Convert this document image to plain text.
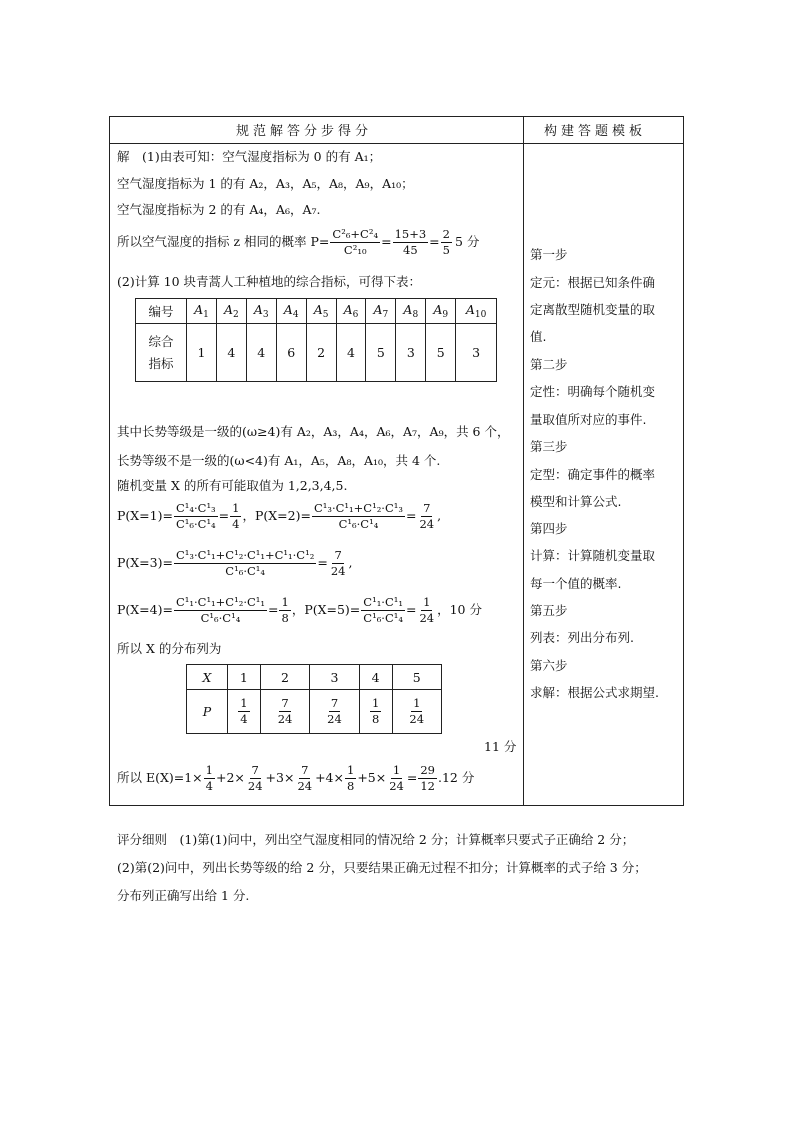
规范解答分步得分	构建答题模板
解　(1)由表可知：空气湿度指标为 0 的有 A₁；
空气湿度指标为 1 的有 A₂，A₃，A₅，A₈，A₉，A₁₀；
空气湿度指标为 2 的有 A₄，A₆，A₇.
所以空气湿度的指标 z 相同的概率 $P= \frac{\text{C²₆+C²₄}}{\text{C²₁₀}} = \frac{15+3}{45} = \frac{2}{5} 5$ 分
(2)计算 10 块青蒿人工种植地的综合指标，可得下表：
编号	$A_1$	$A_2$	$A_3$	$A_4$	$A_5$	$A_6$	$A_7$	$A_8$	$A_9$	$A_{10}$
综合
指标	1	4	4	6	2	4	5	3	5	3
其中长势等级是一级的(ω≥4)有 A₂，A₃，A₄，A₆，A₇，A₉，共 6 个，
长势等级不是一级的(ω<4)有 A₁，A₅，A₈，A₁₀，共 4 个.
随机变量 X 的所有可能取值为 1,2,3,4,5.
$P(X=1)= \frac{\text{C¹₄·C¹₃}}{\text{C¹₆·C¹₄}} = \frac{1}{4}$ ，$P(X=2)= \frac{\text{C¹₃·C¹₁+C¹₂·C¹₃}}{\text{C¹₆·C¹₄}} = \frac{7}{24}$ ,
$P(X=3)= \frac{\text{C¹₃·C¹₁+C¹₂·C¹₁+C¹₁·C¹₂}}{\text{C¹₆·C¹₄}} = \frac{7}{24}$ ,
$P(X=4)= \frac{\text{C¹₁·C¹₁+C¹₂·C¹₁}}{\text{C¹₆·C¹₄}} = \frac{1}{8}$ ，$P(X=5)= \frac{\text{C¹₁·C¹₁}}{\text{C¹₆·C¹₄}} = \frac{1}{24}$ ，10 分
所以 X 的分布列为
X	1	2	3	4	5
P	$\frac{1}{4}$	$\frac{7}{24}$	$\frac{7}{24}$	$\frac{1}{8}$	$\frac{1}{24}$
11 分
所以 $E(X)=1\times \frac{1}{4} +2\times \frac{7}{24} +3\times \frac{7}{24} +4\times \frac{1}{8} +5\times \frac{1}{24} = \frac{29}{12} .12$ 分
第一步
定元：根据已知条件确
定离散型随机变量的取
值.
第二步
定性：明确每个随机变
量取值所对应的事件.
第三步
定型：确定事件的概率
模型和计算公式.
第四步
计算：计算随机变量取
每一个值的概率.
第五步
列表：列出分布列.
第六步
求解：根据公式求期望.
评分细则　(1)第(1)问中，列出空气湿度相同的情况给 2 分；计算概率只要式子正确给 2 分；
(2)第(2)问中，列出长势等级的给 2 分，只要结果正确无过程不扣分；计算概率的式子给 3 分；
分布列正确写出给 1 分.
